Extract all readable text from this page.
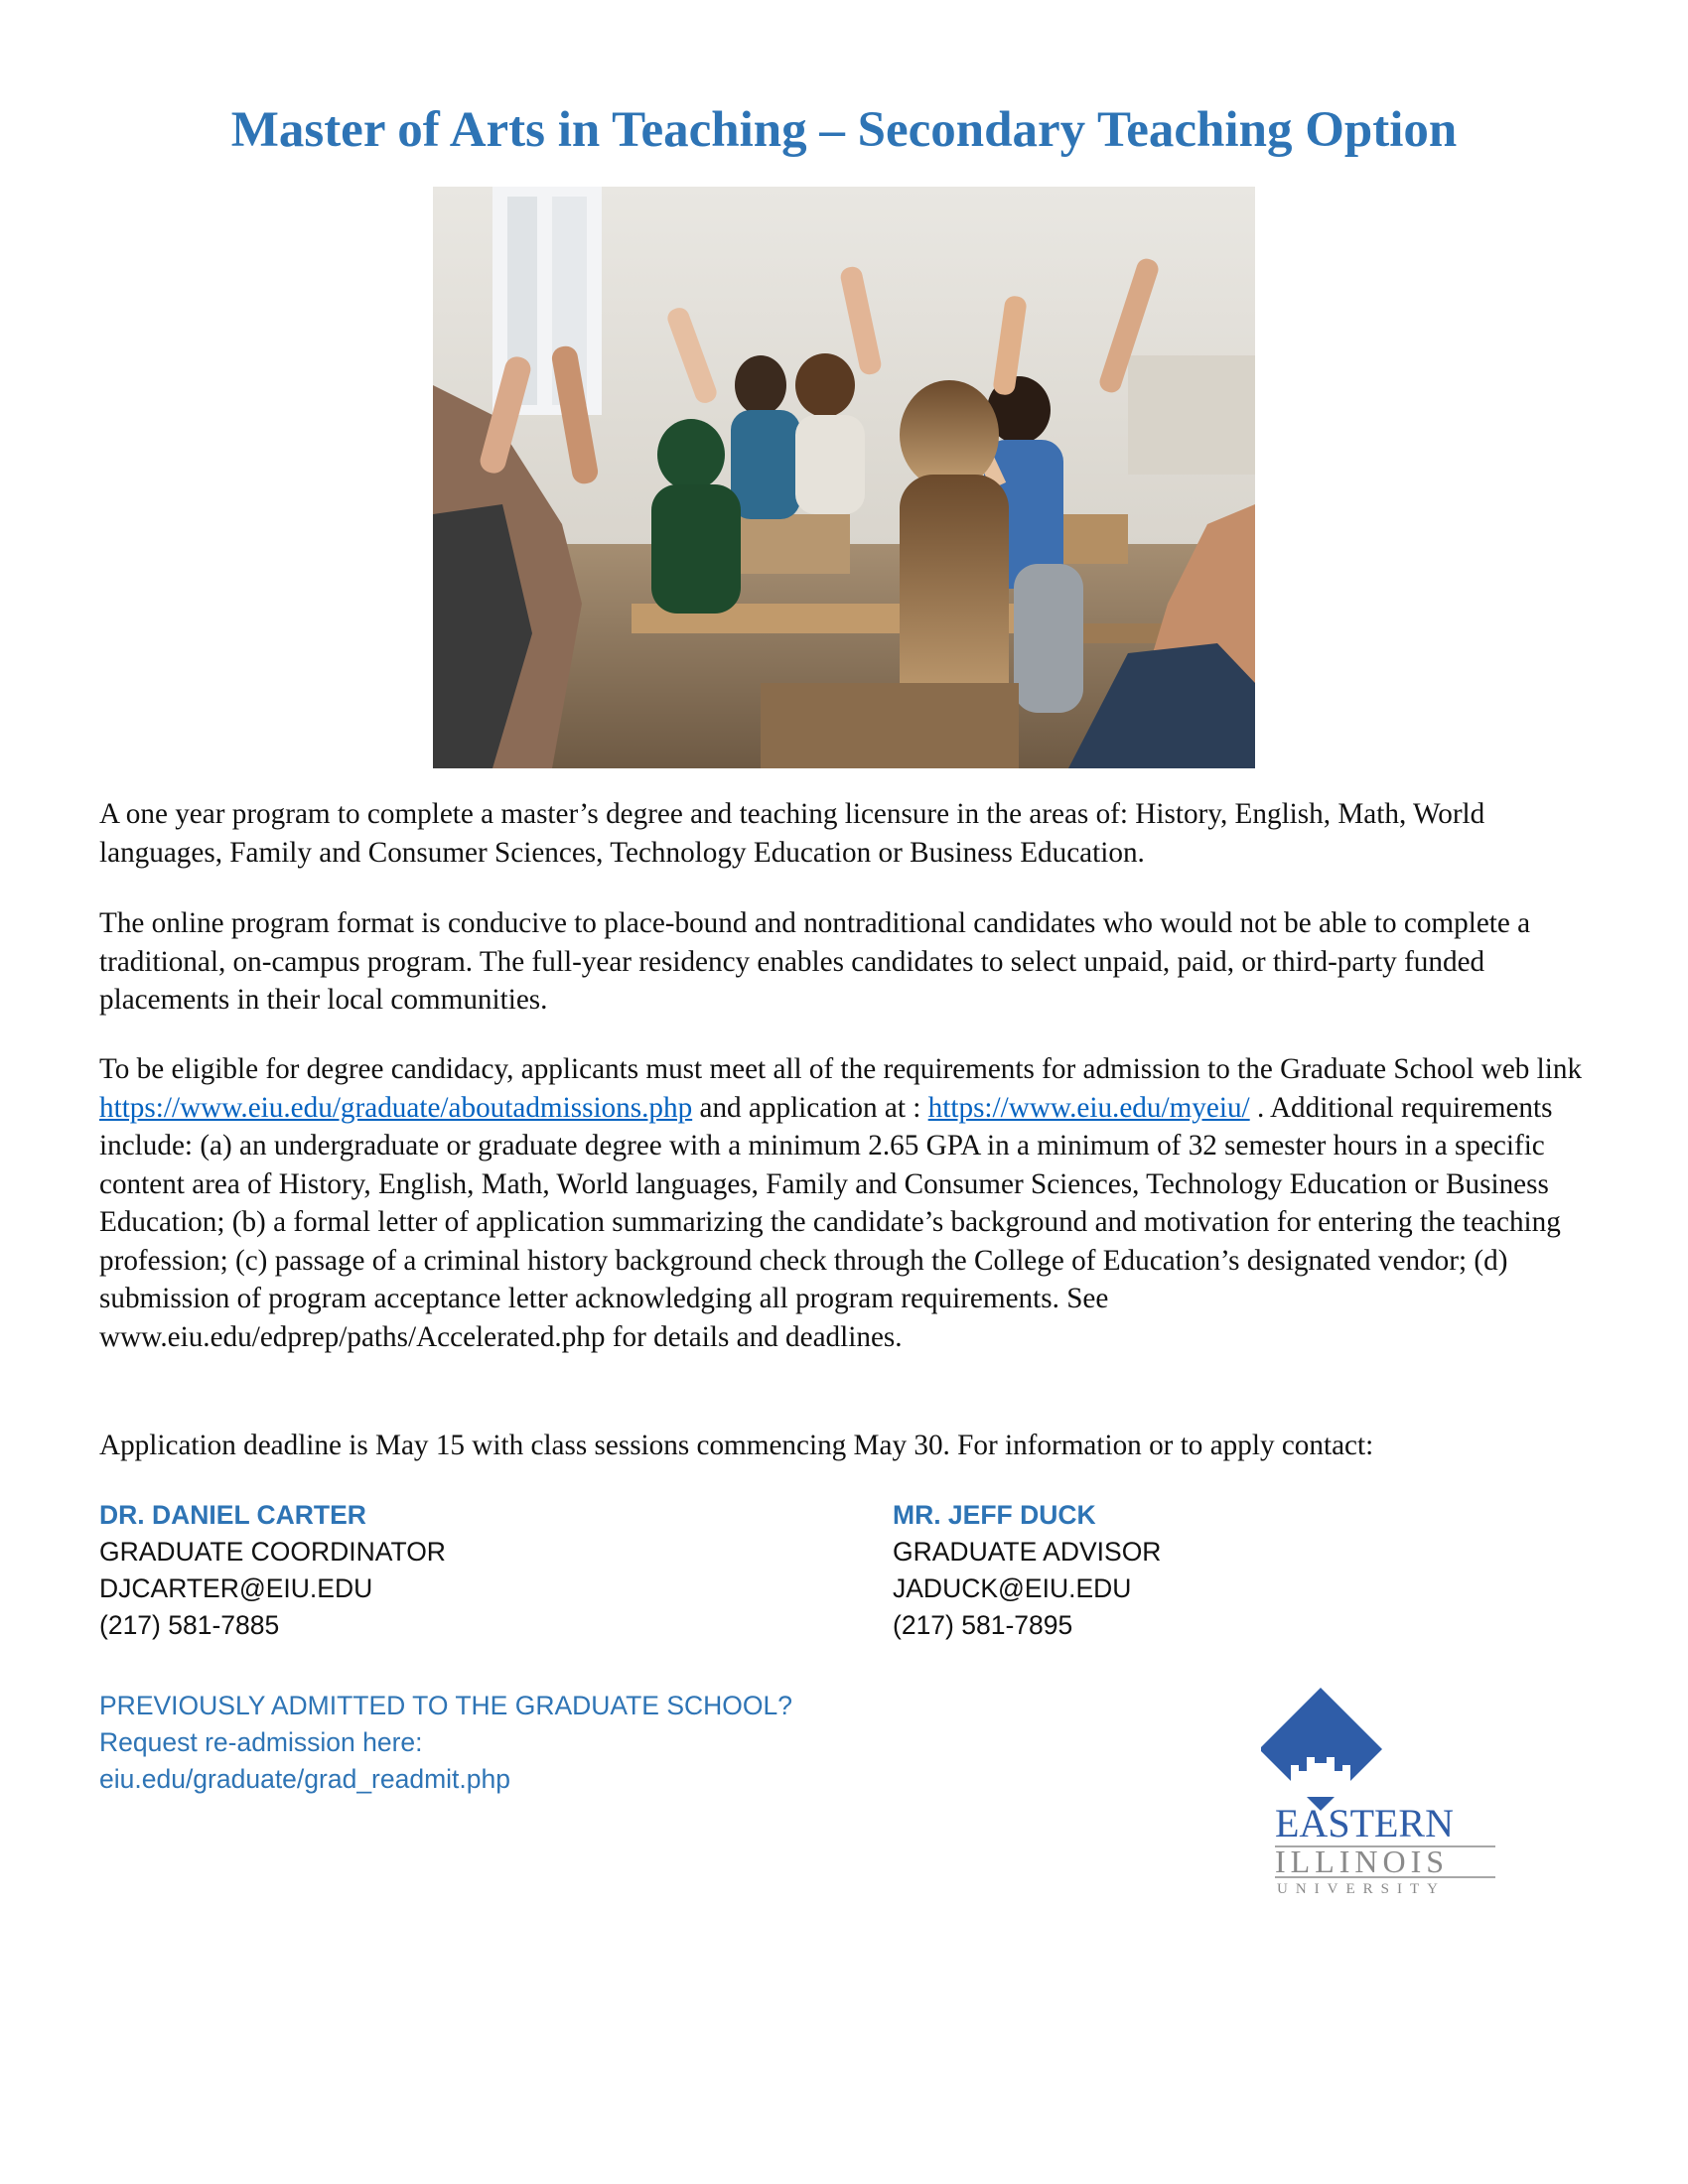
Master of Arts in Teaching – Secondary Teaching Option

A one year program to complete a master’s degree and teaching licensure in the areas of: History, English, Math, World languages, Family and Consumer Sciences, Technology Education or Business Education.

The online program format is conducive to place-bound and nontraditional candidates who would not be able to complete a traditional, on-campus program. The full-year residency enables candidates to select unpaid, paid, or third-party funded placements in their local communities.

To be eligible for degree candidacy, applicants must meet all of the requirements for admission to the Graduate School web link https://www.eiu.edu/graduate/aboutadmissions.php and application at : https://www.eiu.edu/myeiu/ . Additional requirements include: (a) an undergraduate or graduate degree with a minimum 2.65 GPA in a minimum of 32 semester hours in a specific content area of History, English, Math, World languages, Family and Consumer Sciences, Technology Education or Business Education; (b) a formal letter of application summarizing the candidate’s background and motivation for entering the teaching profession; (c) passage of a criminal history background check through the College of Education’s designated vendor; (d) submission of program acceptance letter acknowledging all program requirements. See www.eiu.edu/edprep/paths/Accelerated.php for details and deadlines.

Application deadline is May 15 with class sessions commencing May 30. For information or to apply contact:

DR. DANIEL CARTER
GRADUATE COORDINATOR
DJCARTER@EIU.EDU
(217) 581-7885
MR. JEFF DUCK
GRADUATE ADVISOR
JADUCK@EIU.EDU
(217) 581-7895
PREVIOUSLY ADMITTED TO THE GRADUATE SCHOOL?
Request re-admission here:
eiu.edu/graduate/grad_readmit.php
EASTERN
ILLINOIS
UNIVERSITY
